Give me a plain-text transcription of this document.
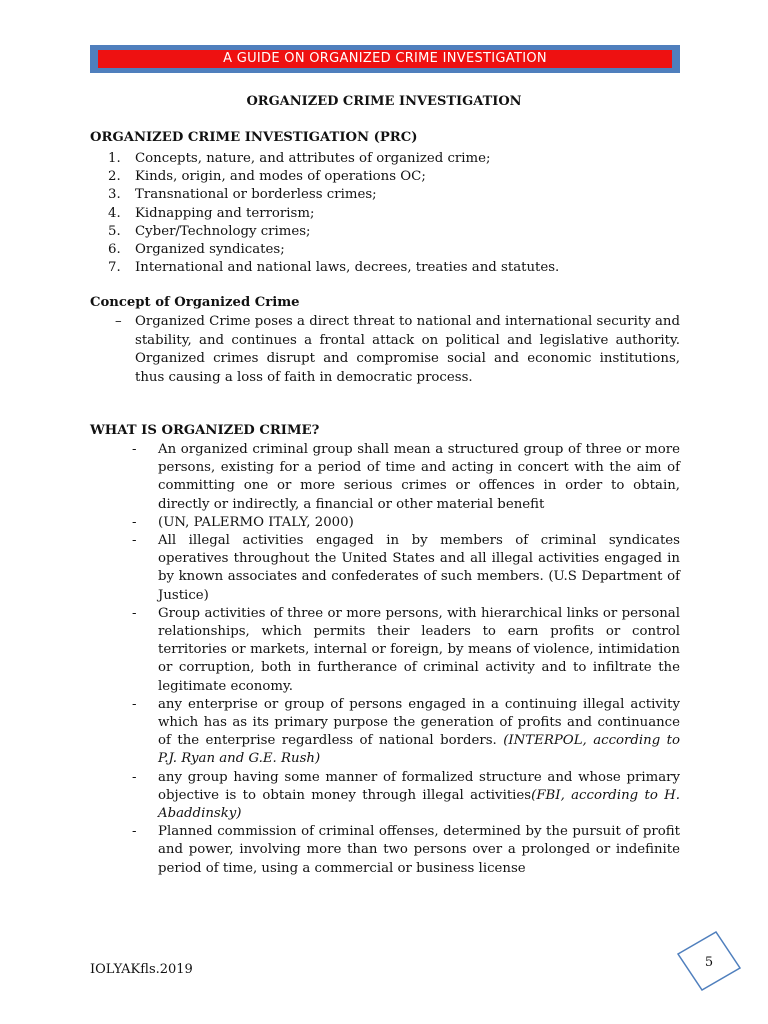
A GUIDE ON ORGANIZED CRIME INVESTIGATION
ORGANIZED CRIME INVESTIGATION
ORGANIZED CRIME INVESTIGATION (PRC)
1. Concepts, nature, and attributes of organized crime;
2. Kinds, origin, and modes of operations OC;
3. Transnational or borderless crimes;
4. Kidnapping and terrorism;
5. Cyber/Technology crimes;
6. Organized syndicates;
7. International and national laws, decrees, treaties and statutes.
Concept of Organized Crime
– Organized Crime poses a direct threat to national and international security and stability, and continues a frontal attack on political and legislative authority. Organized crimes disrupt and compromise social and economic institutions, thus causing a loss of faith in democratic process.
WHAT IS ORGANIZED CRIME?
- An organized criminal group shall mean a structured group of three or more persons, existing for a period of time and acting in concert with the aim of committing one or more serious crimes or offences in order to obtain, directly or indirectly, a financial or other material benefit
- (UN, PALERMO ITALY, 2000)
- All illegal activities engaged in by members of criminal syndicates operatives throughout the United States and all illegal activities engaged in by known associates and confederates of such members. (U.S Department of Justice)
- Group activities of three or more persons, with hierarchical links or personal relationships, which permits their leaders to earn profits or control territories or markets, internal or foreign, by means of violence, intimidation or corruption, both in furtherance of criminal activity and to infiltrate the legitimate economy.
- any enterprise or group of persons engaged in a continuing illegal activity which has as its primary purpose the generation of profits and continuance of the enterprise regardless of national borders. (INTERPOL, according to P.J. Ryan and G.E. Rush)
- any group having some manner of formalized structure and whose primary objective is to obtain money through illegal activities(FBI, according to H. Abaddinsky)
- Planned commission of criminal offenses, determined by the pursuit of profit and power, involving more than two persons over a prolonged or indefinite period of time, using a commercial or business license
IOLYAKfls.2019	5
